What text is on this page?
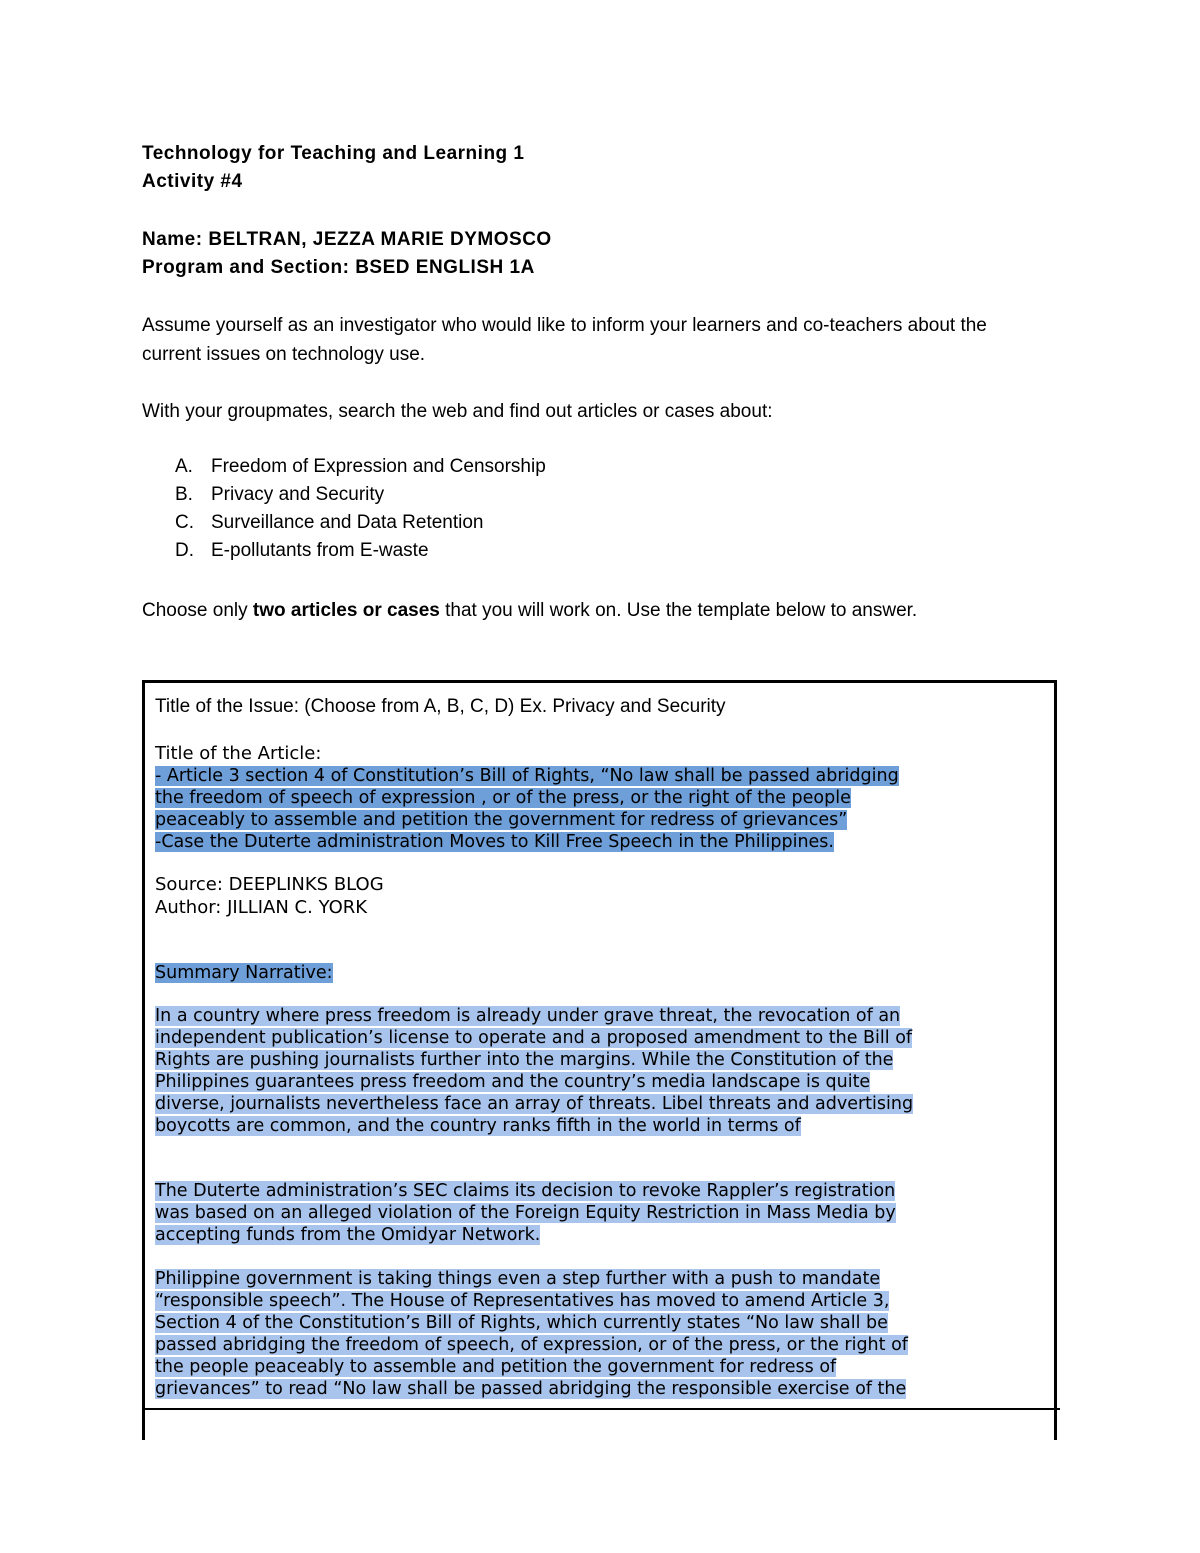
Technology for Teaching and Learning 1
Activity #4
Name: BELTRAN, JEZZA MARIE DYMOSCO
Program and Section: BSED ENGLISH 1A
Assume yourself as an investigator who would like to inform your learners and co-teachers about the current issues on technology use.
With your groupmates, search the web and find out articles or cases about:
A. Freedom of Expression and Censorship
B. Privacy and Security
C. Surveillance and Data Retention
D. E-pollutants from E-waste
Choose only two articles or cases that you will work on. Use the template below to answer.
Title of the Issue: (Choose from A, B, C, D) Ex. Privacy and Security
Title of the Article:
- Article 3 section 4 of Constitution’s Bill of Rights, “No law shall be passed abridging
the freedom of speech of expression , or of the press, or the right of the people
peaceably to assemble and petition the government for redress of grievances”
-Case the Duterte administration Moves to Kill Free Speech in the Philippines.
Source: DEEPLINKS BLOG
Author: JILLIAN C. YORK
Summary Narrative:
In a country where press freedom is already under grave threat, the revocation of an
independent publication’s license to operate and a proposed amendment to the Bill of
Rights are pushing journalists further into the margins. While the Constitution of the
Philippines guarantees press freedom and the country’s media landscape is quite
diverse, journalists nevertheless face an array of threats. Libel threats and advertising
boycotts are common, and the country ranks fifth in the world in terms of
The Duterte administration’s SEC claims its decision to revoke Rappler’s registration
was based on an alleged violation of the Foreign Equity Restriction in Mass Media by
accepting funds from the Omidyar Network.
Philippine government is taking things even a step further with a push to mandate
“responsible speech”. The House of Representatives has moved to amend Article 3,
Section 4 of the Constitution’s Bill of Rights, which currently states “No law shall be
passed abridging the freedom of speech, of expression, or of the press, or the right of
the people peaceably to assemble and petition the government for redress of
grievances” to read “No law shall be passed abridging the responsible exercise of the
